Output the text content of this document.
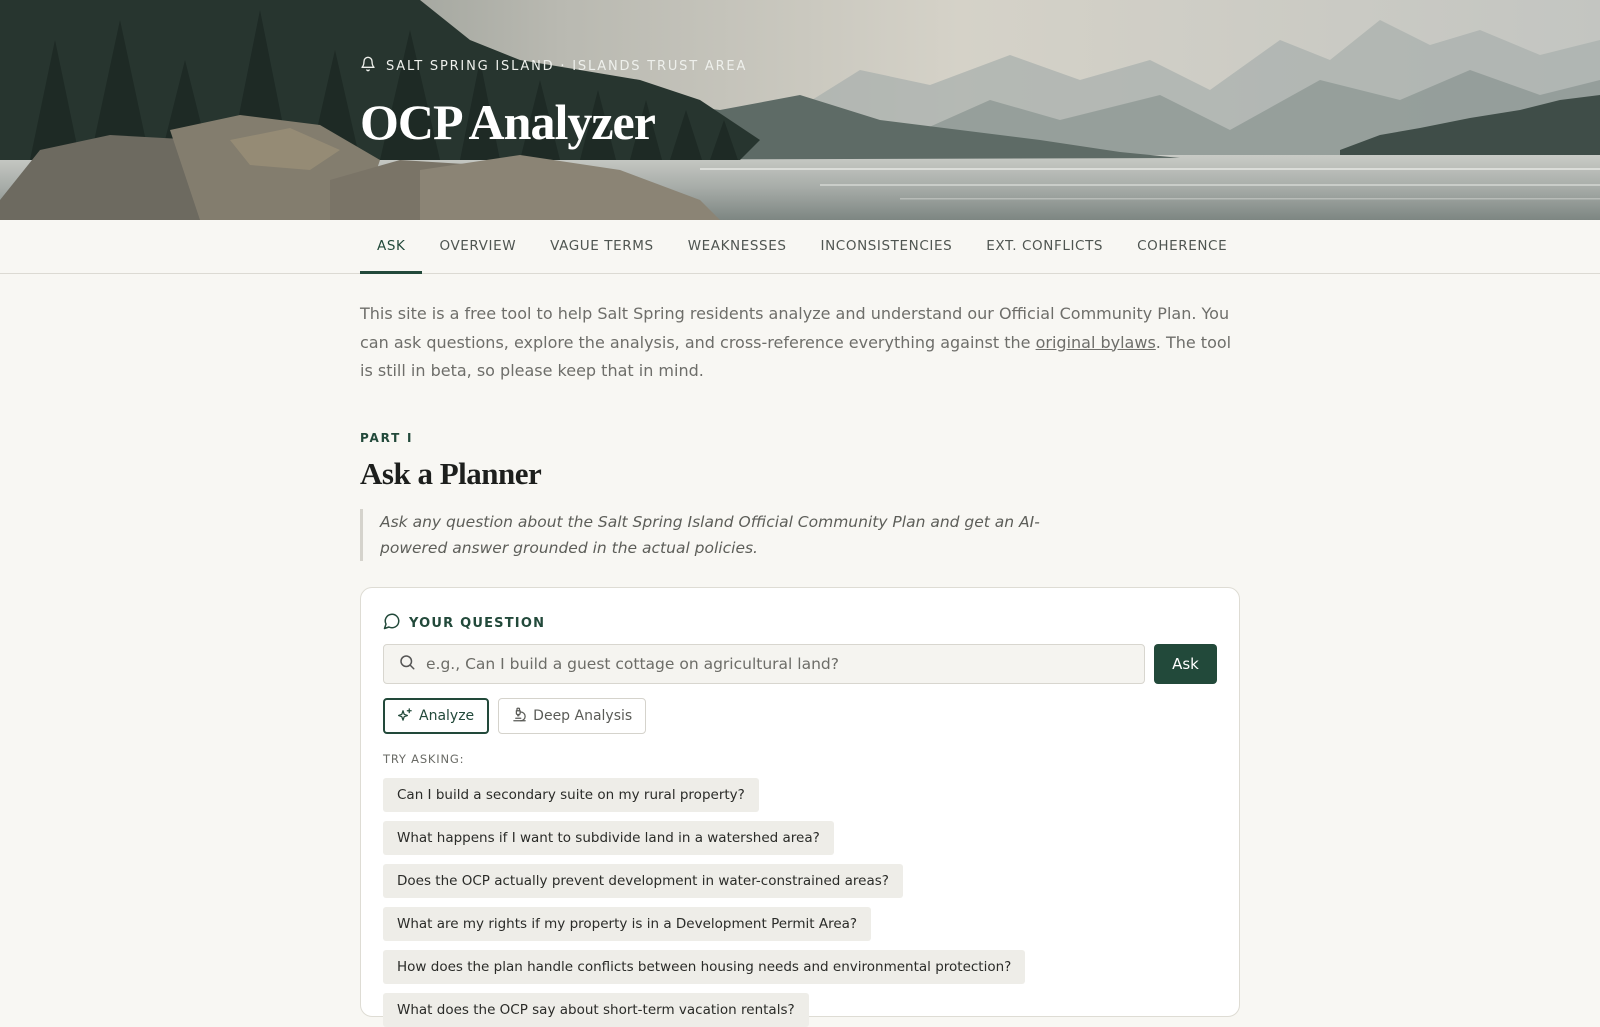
SALT SPRING ISLAND · ISLANDS TRUST AREA
OCP Analyzer
ASK	OVERVIEW	VAGUE TERMS	WEAKNESSES	INCONSISTENCIES	EXT. CONFLICTS	COHERENCE

This site is a free tool to help Salt Spring residents analyze and understand our Official Community Plan. You can ask questions, explore the analysis, and cross-reference everything against the original bylaws. The tool is still in beta, so please keep that in mind.

PART I
Ask a Planner
Ask any question about the Salt Spring Island Official Community Plan and get an AI-powered answer grounded in the actual policies.
YOUR QUESTION
e.g., Can I build a guest cottage on agricultural land?
Ask
Analyze	Deep Analysis
TRY ASKING:
Can I build a secondary suite on my rural property?
What happens if I want to subdivide land in a watershed area?
Does the OCP actually prevent development in water-constrained areas?
What are my rights if my property is in a Development Permit Area?
How does the plan handle conflicts between housing needs and environmental protection?
What does the OCP say about short-term vacation rentals?
